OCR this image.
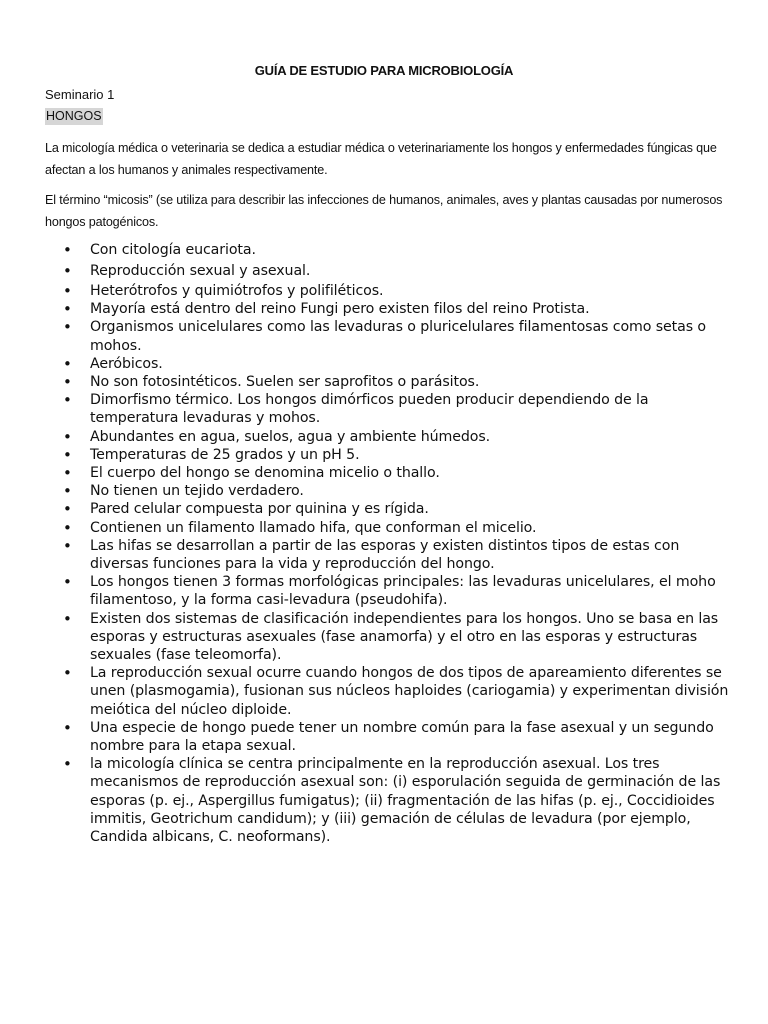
GUÍA DE ESTUDIO PARA MICROBIOLOGÍA
Seminario 1
HONGOS
La micología médica o veterinaria se dedica a estudiar médica o veterinariamente los hongos y enfermedades fúngicas que afectan a los humanos y animales respectivamente.
El término “micosis” (se utiliza para describir las infecciones de humanos, animales, aves y plantas causadas por numerosos hongos patogénicos.
• Con citología eucariota.
• Reproducción sexual y asexual.
• Heterótrofos y quimiótrofos y polifiléticos.
• Mayoría está dentro del reino Fungi pero existen filos del reino Protista.
• Organismos unicelulares como las levaduras o pluricelulares filamentosas como setas o mohos.
• Aeróbicos.
• No son fotosintéticos. Suelen ser saprofitos o parásitos.
• Dimorfismo térmico. Los hongos dimórficos pueden producir dependiendo de la temperatura levaduras y mohos.
• Abundantes en agua, suelos, agua y ambiente húmedos.
• Temperaturas de 25 grados y un pH 5.
• El cuerpo del hongo se denomina micelio o thallo.
• No tienen un tejido verdadero.
• Pared celular compuesta por quinina y es rígida.
• Contienen un filamento llamado hifa, que conforman el micelio.
• Las hifas se desarrollan a partir de las esporas y existen distintos tipos de estas con diversas funciones para la vida y reproducción del hongo.
• Los hongos tienen 3 formas morfológicas principales: las levaduras unicelulares, el moho filamentoso, y la forma casi-levadura (pseudohifa).
• Existen dos sistemas de clasificación independientes para los hongos. Uno se basa en las esporas y estructuras asexuales (fase anamorfa) y el otro en las esporas y estructuras sexuales (fase teleomorfa).
• La reproducción sexual ocurre cuando hongos de dos tipos de apareamiento diferentes se unen (plasmogamia), fusionan sus núcleos haploides (cariogamia) y experimentan división meiótica del núcleo diploide.
• Una especie de hongo puede tener un nombre común para la fase asexual y un segundo nombre para la etapa sexual.
• la micología clínica se centra principalmente en la reproducción asexual. Los tres mecanismos de reproducción asexual son: (i) esporulación seguida de germinación de las esporas (p. ej., Aspergillus fumigatus); (ii) fragmentación de las hifas (p. ej., Coccidioides immitis, Geotrichum candidum); y (iii) gemación de células de levadura (por ejemplo, Candida albicans, C. neoformans).
